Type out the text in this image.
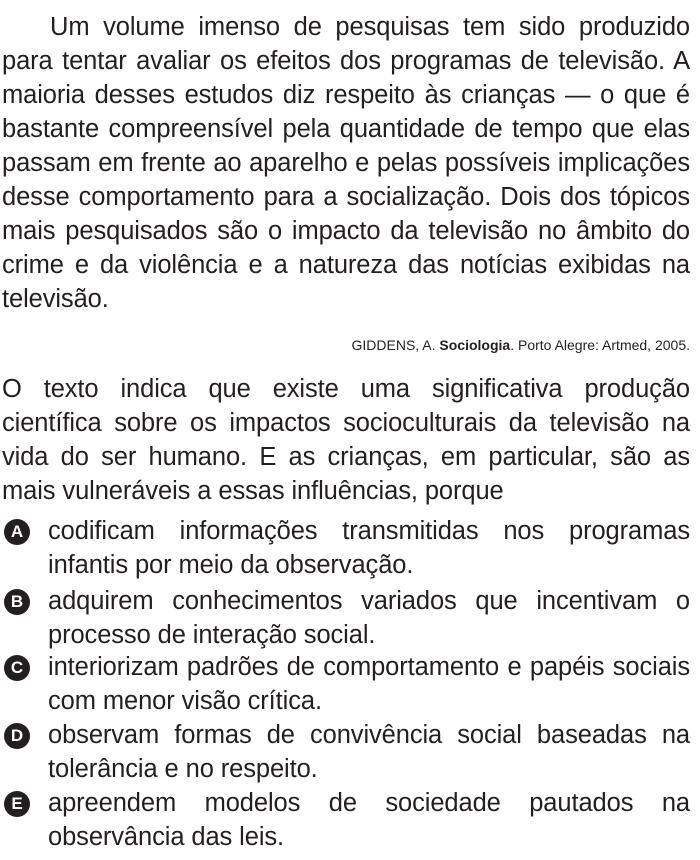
Um volume imenso de pesquisas tem sido produzido para tentar avaliar os efeitos dos programas de televisão. A maioria desses estudos diz respeito às crianças — o que é bastante compreensível pela quantidade de tempo que elas passam em frente ao aparelho e pelas possíveis implicações desse comportamento para a socialização. Dois dos tópicos mais pesquisados são o impacto da televisão no âmbito do crime e da violência e a natureza das notícias exibidas na televisão.

GIDDENS, A. Sociologia. Porto Alegre: Artmed, 2005.

O texto indica que existe uma significativa produção científica sobre os impactos socioculturais da televisão na vida do ser humano. E as crianças, em particular, são as mais vulneráveis a essas influências, porque

A codificam informações transmitidas nos programas infantis por meio da observação.

B adquirem conhecimentos variados que incentivam o processo de interação social.

C interiorizam padrões de comportamento e papéis sociais com menor visão crítica.

D observam formas de convivência social baseadas na tolerância e no respeito.

E apreendem modelos de sociedade pautados na observância das leis.
